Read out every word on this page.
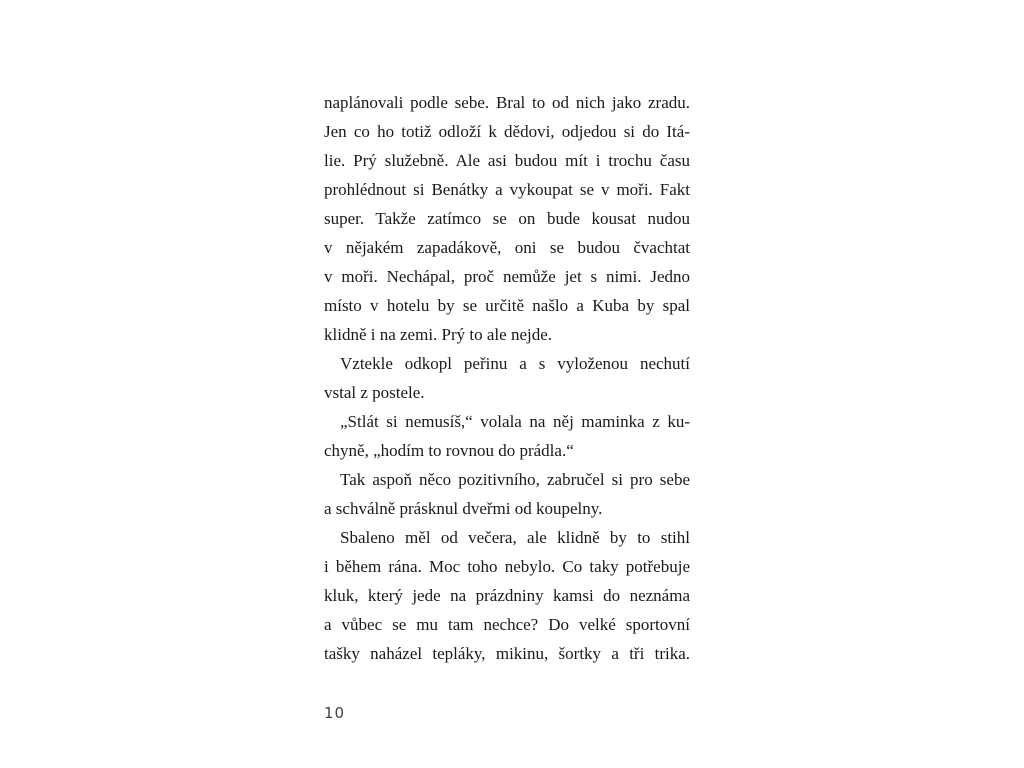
naplánovali podle sebe. Bral to od nich jako zradu.
Jen co ho totiž odloží k dědovi, odjedou si do Itá-
lie. Prý služebně. Ale asi budou mít i trochu času
prohlédnout si Benátky a vykoupat se v moři. Fakt
super. Takže zatímco se on bude kousat nudou
v nějakém zapadákově, oni se budou čvachtat
v moři. Nechápal, proč nemůže jet s nimi. Jedno
místo v hotelu by se určitě našlo a Kuba by spal
klidně i na zemi. Prý to ale nejde.
Vztekle odkopl peřinu a s vyloženou nechutí
vstal z postele.
„Stlát si nemusíš,“ volala na něj maminka z ku-
chyně, „hodím to rovnou do prádla.“
Tak aspoň něco pozitivního, zabručel si pro sebe
a schválně prásknul dveřmi od koupelny.
Sbaleno měl od večera, ale klidně by to stihl
i během rána. Moc toho nebylo. Co taky potřebuje
kluk, který jede na prázdniny kamsi do neznáma
a vůbec se mu tam nechce? Do velké sportovní
tašky naházel tepláky, mikinu, šortky a tři trika.
10
